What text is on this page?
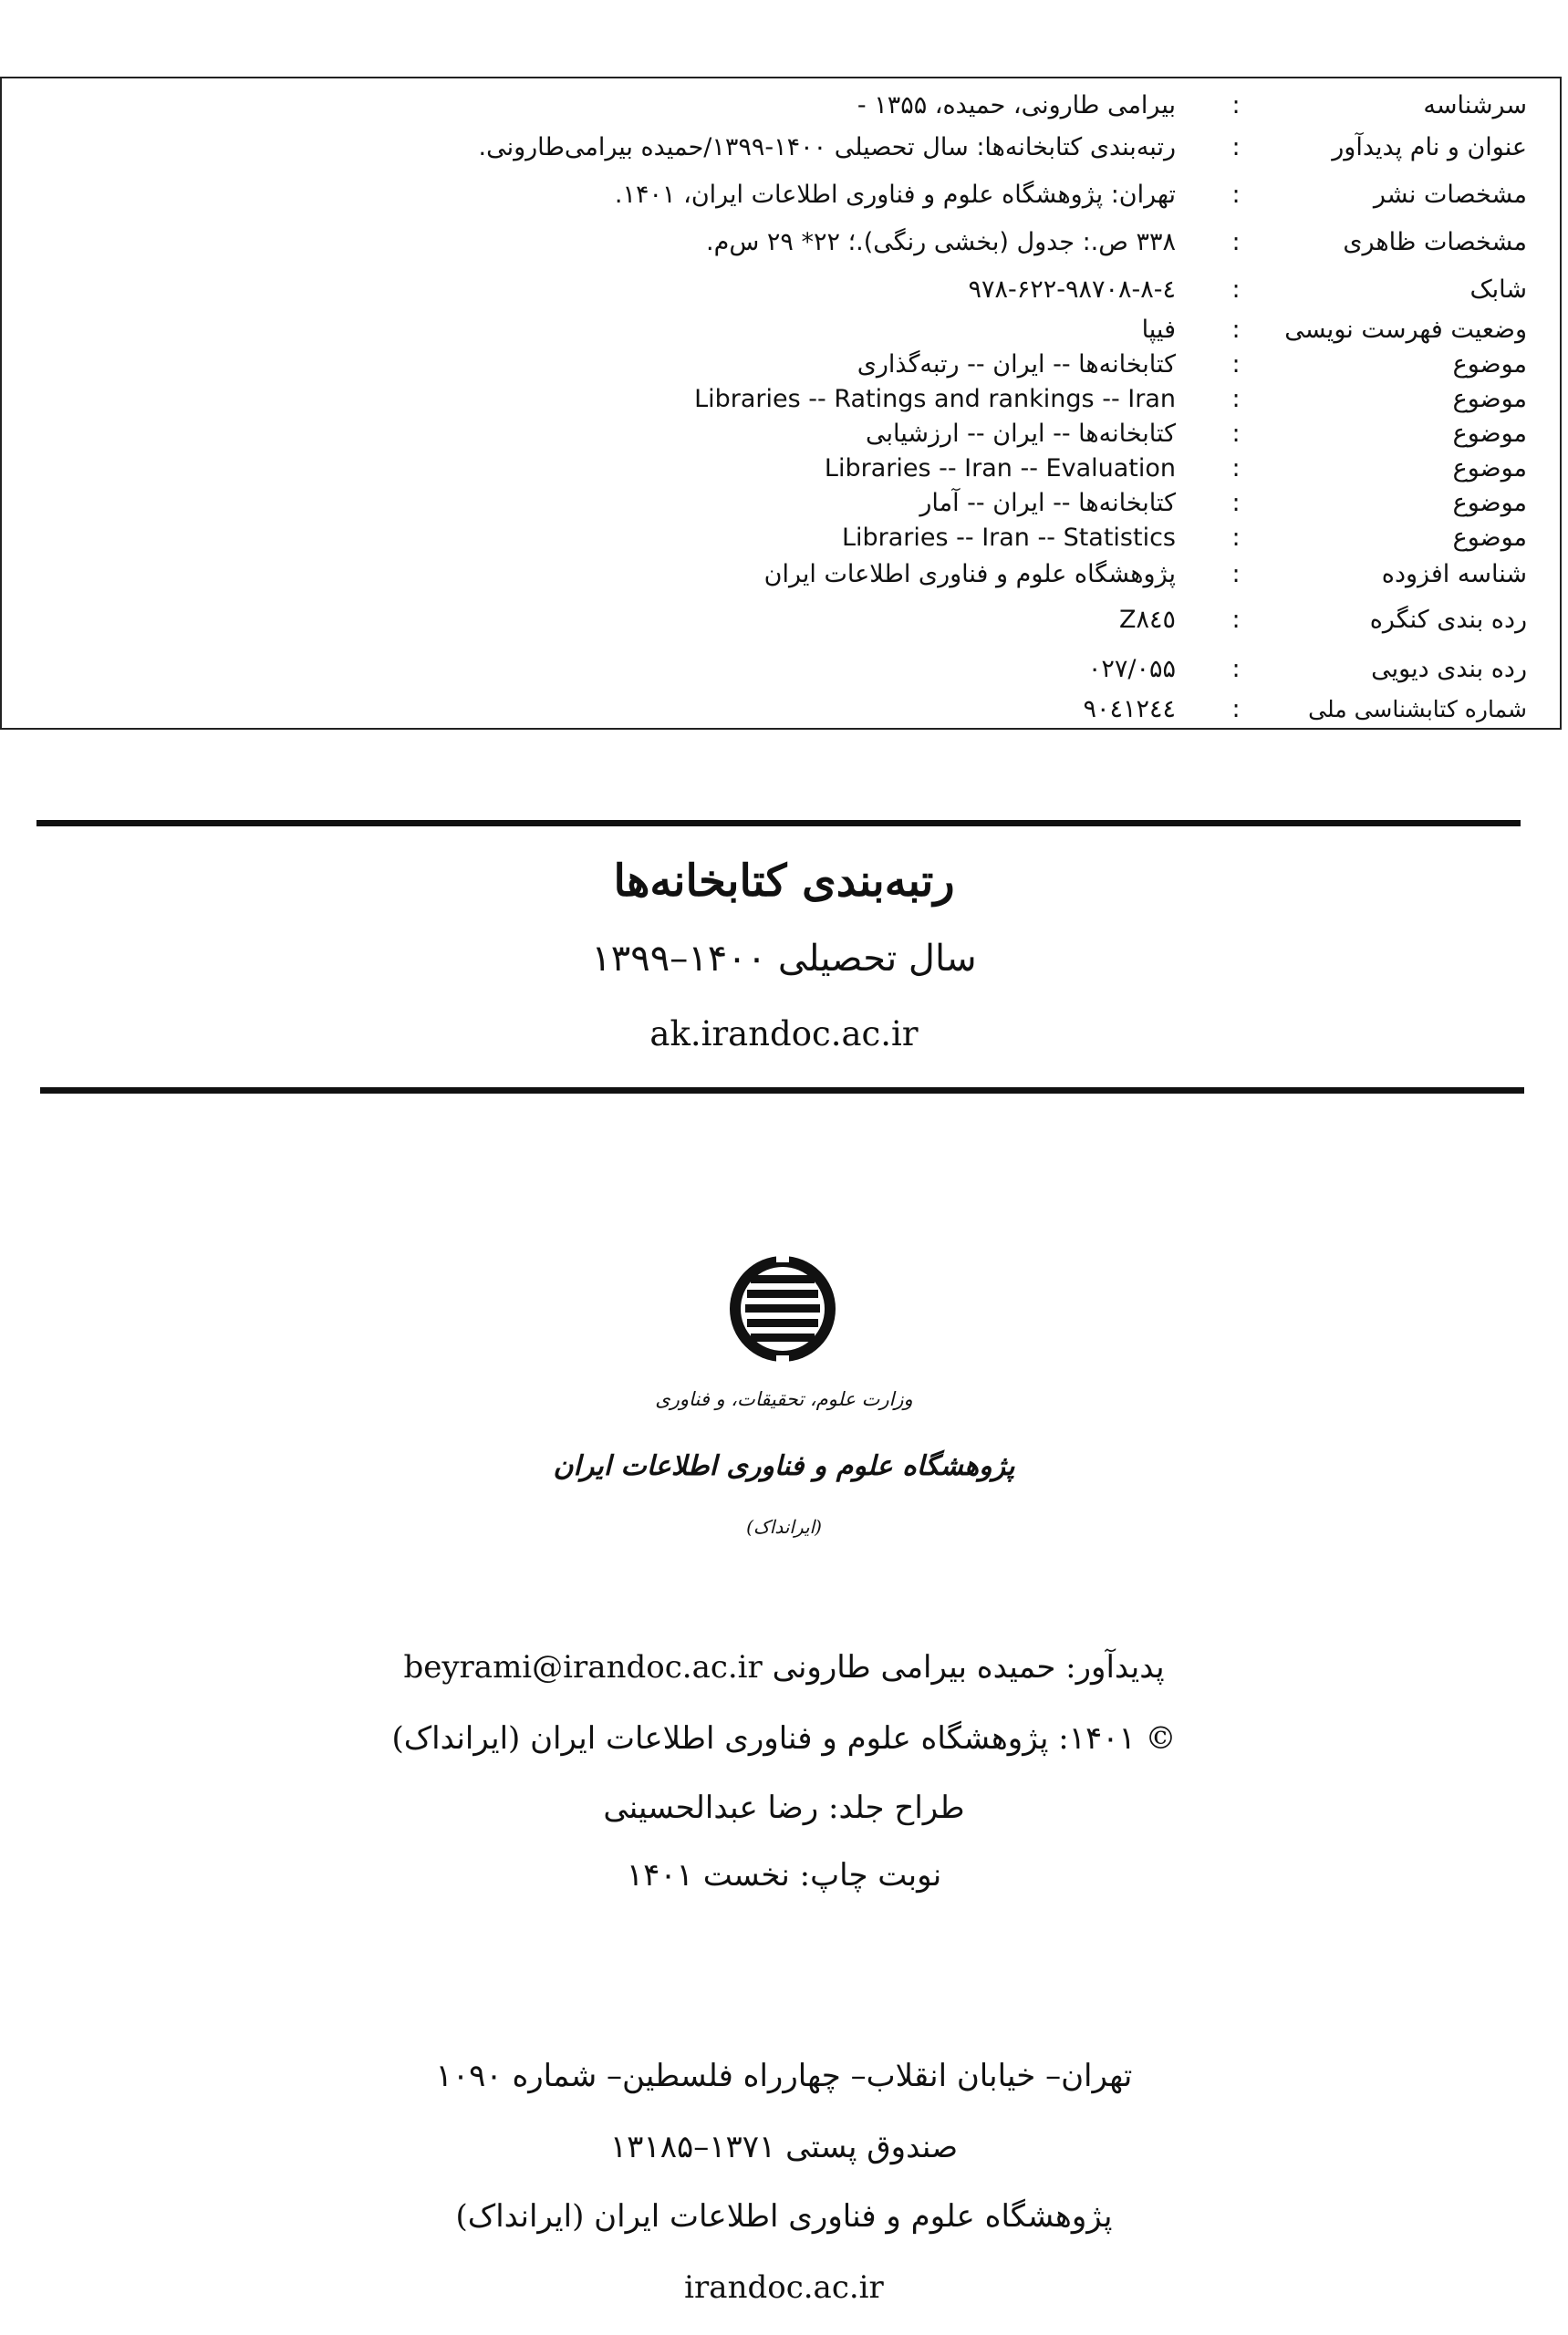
سرشناسه
:
بیرامی طارونی، حمیده، ۱۳۵۵ -
عنوان و نام پدیدآور
:
رتبه‌بندی کتابخانه‌ها: سال تحصیلی ۱۴۰۰-۱۳۹۹/حمیده بیرامی‌طارونی.
مشخصات نشر
:
تهران: پژوهشگاه علوم و فناوری اطلاعات ایران، ۱۴۰۱.
مشخصات ظاهری
:
۳۳۸ ص.: جدول (بخشی رنگی).؛ ۲۲* ۲۹ س‌م.
شابک
:
۹۷۸-۶۲۲-۹۸۷۰۸-۸-٤
وضعیت فهرست نویسی
:
فیپا
موضوع
:
کتابخانه‌ها -- ایران -- رتبه‌گذاری
موضوع
:
Libraries -- Ratings and rankings -- Iran
موضوع
:
کتابخانه‌ها -- ایران -- ارزشیابی
موضوع
:
Libraries -- Iran -- Evaluation
موضوع
:
کتابخانه‌ها -- ایران -- آمار
موضوع
:
Libraries -- Iran -- Statistics
شناسه افزوده
:
پژوهشگاه علوم و فناوری اطلاعات ایران
رده بندی کنگره
:
Z۸٤٥
رده بندی دیویی
:
۰۲۷/۰۵۵
شماره کتابشناسی ملی
:
۹۰٤۱۲٤٤
رتبه‌بندی کتابخانه‌ها
سال تحصیلی ۱۴۰۰–۱۳۹۹
ak.irandoc.ac.ir
وزارت علوم، تحقیقات، و فناوری
پژوهشگاه علوم و فناوری اطلاعات ایران
(ایرانداک)
پدیدآور: حمیده بیرامی طارونی beyrami@irandoc.ac.ir
© ۱۴۰۱: پژوهشگاه علوم و فناوری اطلاعات ایران (ایرانداک)
طراح جلد: رضا عبدالحسینی
نوبت چاپ: نخست ۱۴۰۱
تهران– خیابان انقلاب– چهارراه فلسطین– شماره ۱۰۹۰
صندوق پستی ۱۳۷۱–۱۳۱۸۵
پژوهشگاه علوم و فناوری اطلاعات ایران (ایرانداک)
irandoc.ac.ir
